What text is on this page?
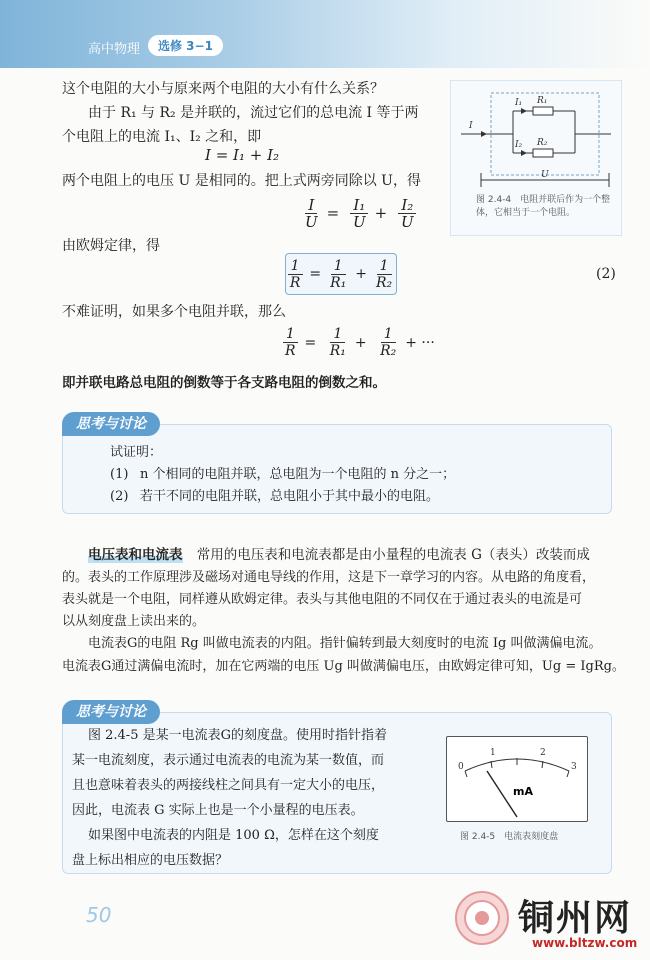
高中物理	选修 3−1
这个电阻的大小与原来两个电阻的大小有什么关系？
由于 R₁ 与 R₂ 是并联的，流过它们的总电流 I 等于两
个电阻上的电流 I₁、I₂ 之和，即
I = I₁ + I₂
两个电阻上的电压 U 是相同的。把上式两旁同除以 U，得
$\frac{I}{U} = \frac{\text{I₁}}{U} + \frac{\text{I₂}}{U}$
由欧姆定律，得
$\frac{1}{R} = \frac{1}{\text{R₁}} + \frac{1}{\text{R₂}}$	(2)
不难证明，如果多个电阻并联，那么
$\frac{1}{R} = \frac{1}{\text{R₁}} + \frac{1}{\text{R₂}}$ + ···
即并联电路总电阻的倒数等于各支路电阻的倒数之和。
I
I₁ R₁
I₂ R₂
U
图 2.4-4　电阻并联后作为一个整体，它相当于一个电阻。
思考与讨论
试证明：
(1) n 个相同的电阻并联，总电阻为一个电阻的 n 分之一；
(2) 若干不同的电阻并联，总电阻小于其中最小的电阻。
电压表和电流表 常用的电压表和电流表都是由小量程的电流表 G（表头）改装而成
的。表头的工作原理涉及磁场对通电导线的作用，这是下一章学习的内容。从电路的角度看，
表头就是一个电阻，同样遵从欧姆定律。表头与其他电阻的不同仅在于通过表头的电流是可
以从刻度盘上读出来的。
电流表G的电阻 Rg 叫做电流表的内阻。指针偏转到最大刻度时的电流 Ig 叫做满偏电流。
电流表G通过满偏电流时，加在它两端的电压 Ug 叫做满偏电压，由欧姆定律可知，Ug = IgRg。
思考与讨论
图 2.4-5 是某一电流表G的刻度盘。使用时指针指着
某一电流刻度，表示通过电流表的电流为某一数值，而
且也意味着表头的两接线柱之间具有一定大小的电压，
因此，电流表 G 实际上也是一个小量程的电压表。
如果图中电流表的内阻是 100 Ω，怎样在这个刻度
盘上标出相应的电压数据？
0
1	2
3
mA
图 2.4-5　电流表刻度盘
50	铜州网
www.bltzw.com
